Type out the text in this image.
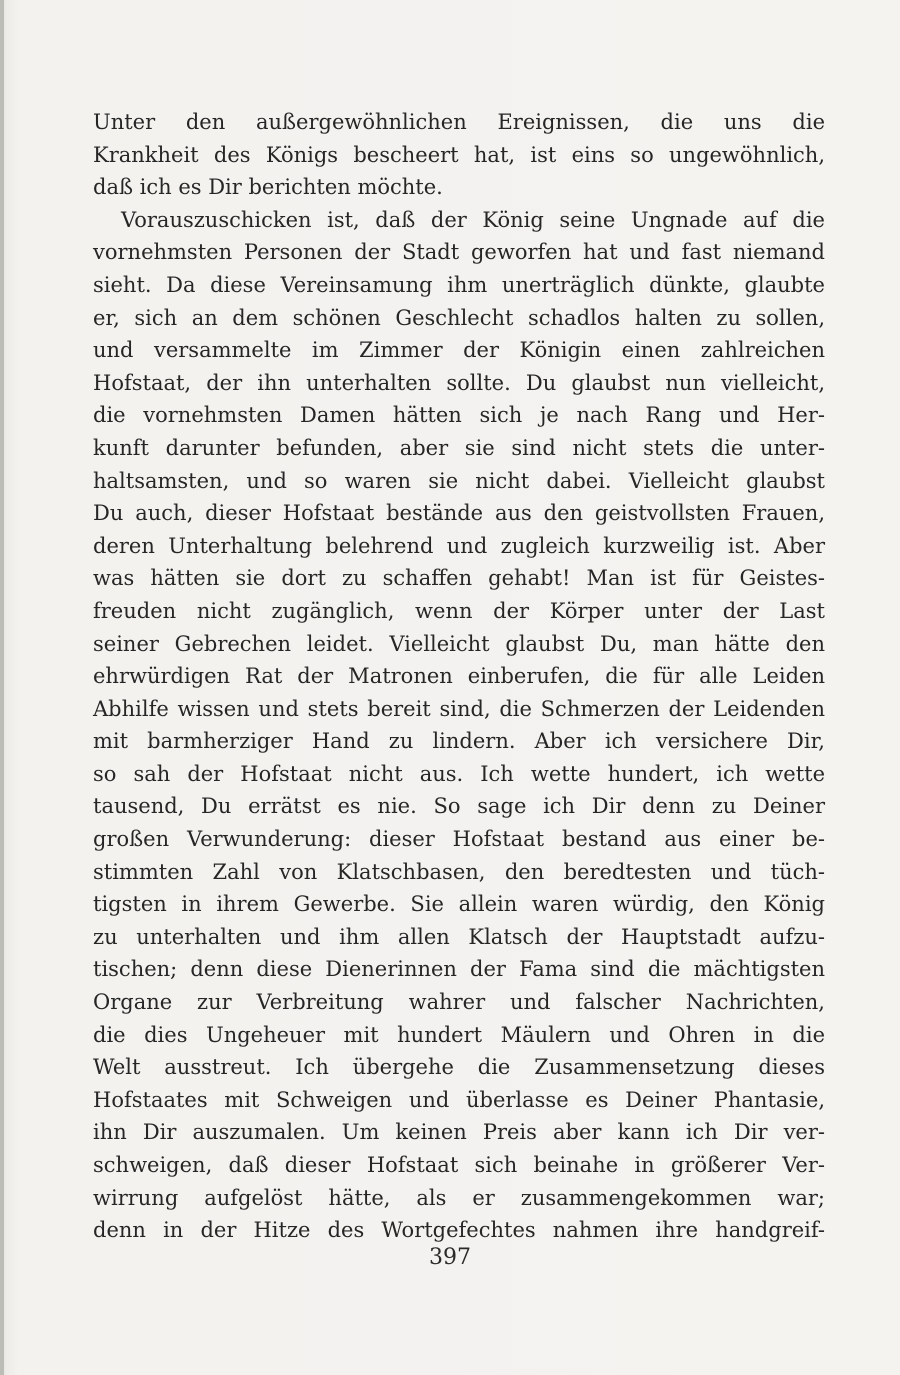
Unter den außergewöhnlichen Ereignissen, die uns die
Krankheit des Königs bescheert hat, ist eins so ungewöhnlich,
daß ich es Dir berichten möchte.
Vorauszuschicken ist, daß der König seine Ungnade auf die
vornehmsten Personen der Stadt geworfen hat und fast niemand
sieht. Da diese Vereinsamung ihm unerträglich dünkte, glaubte
er, sich an dem schönen Geschlecht schadlos halten zu sollen,
und versammelte im Zimmer der Königin einen zahlreichen
Hofstaat, der ihn unterhalten sollte. Du glaubst nun vielleicht,
die vornehmsten Damen hätten sich je nach Rang und Her-
kunft darunter befunden, aber sie sind nicht stets die unter-
haltsamsten, und so waren sie nicht dabei. Vielleicht glaubst
Du auch, dieser Hofstaat bestände aus den geistvollsten Frauen,
deren Unterhaltung belehrend und zugleich kurzweilig ist. Aber
was hätten sie dort zu schaffen gehabt! Man ist für Geistes-
freuden nicht zugänglich, wenn der Körper unter der Last
seiner Gebrechen leidet. Vielleicht glaubst Du, man hätte den
ehrwürdigen Rat der Matronen einberufen, die für alle Leiden
Abhilfe wissen und stets bereit sind, die Schmerzen der Leidenden
mit barmherziger Hand zu lindern. Aber ich versichere Dir,
so sah der Hofstaat nicht aus. Ich wette hundert, ich wette
tausend, Du errätst es nie. So sage ich Dir denn zu Deiner
großen Verwunderung: dieser Hofstaat bestand aus einer be-
stimmten Zahl von Klatschbasen, den beredtesten und tüch-
tigsten in ihrem Gewerbe. Sie allein waren würdig, den König
zu unterhalten und ihm allen Klatsch der Hauptstadt aufzu-
tischen; denn diese Dienerinnen der Fama sind die mächtigsten
Organe zur Verbreitung wahrer und falscher Nachrichten,
die dies Ungeheuer mit hundert Mäulern und Ohren in die
Welt ausstreut. Ich übergehe die Zusammensetzung dieses
Hofstaates mit Schweigen und überlasse es Deiner Phantasie,
ihn Dir auszumalen. Um keinen Preis aber kann ich Dir ver-
schweigen, daß dieser Hofstaat sich beinahe in größerer Ver-
wirrung aufgelöst hätte, als er zusammengekommen war;
denn in der Hitze des Wortgefechtes nahmen ihre handgreif-
397
